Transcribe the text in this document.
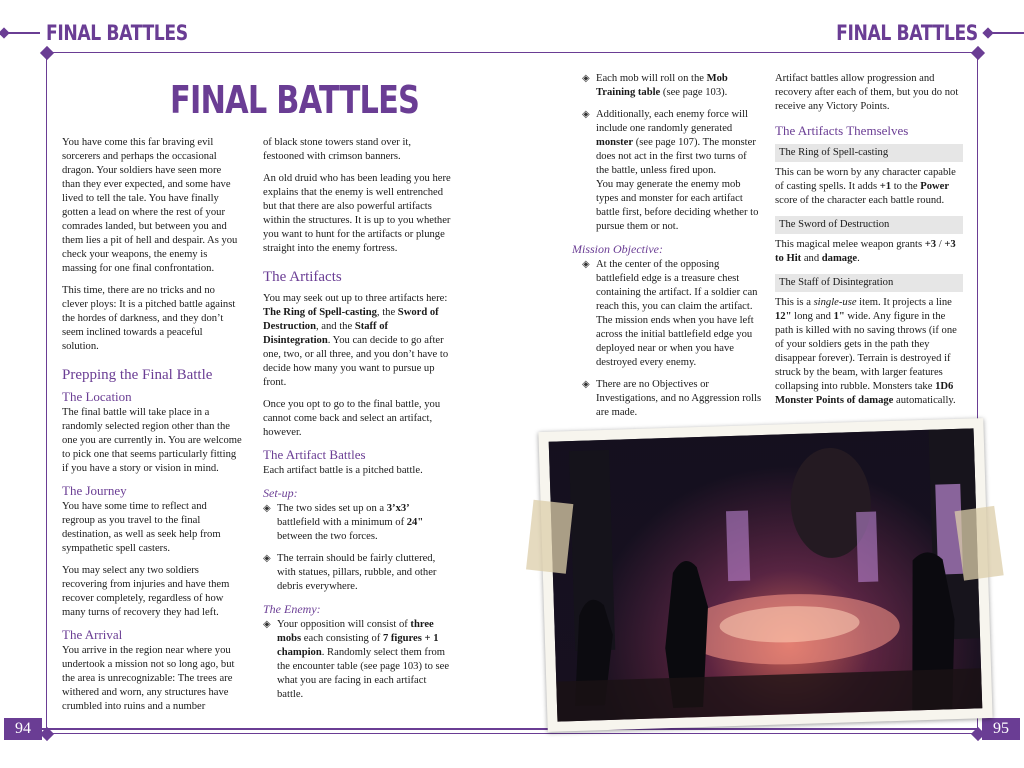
FINAL BATTLES	FINAL BATTLES
94	95
FINAL BATTLES

You have come this far braving evil sorcerers and perhaps the occasional dragon. Your soldiers have seen more than they ever expected, and some have lived to tell the tale. You have finally gotten a lead on where the rest of your comrades landed, but between you and them lies a pit of hell and despair. As you check your weapons, the enemy is massing for one final confrontation.

This time, there are no tricks and no clever ploys: It is a pitched battle against the hordes of darkness, and they don’t seem inclined towards a peaceful solution.

Prepping the Final Battle
The Location

The final battle will take place in a randomly selected region other than the one you are currently in. You are welcome to pick one that seems particularly fitting if you have a story or vision in mind.

The Journey

You have some time to reflect and regroup as you travel to the final destination, as well as seek help from sympathetic spell casters.

You may select any two soldiers recovering from injuries and have them recover completely, regardless of how many turns of recovery they had left.

The Arrival

You arrive in the region near where you undertook a mission not so long ago, but the area is unrecognizable: The trees are withered and worn, any structures have crumbled into ruins and a number

of black stone towers stand over it, festooned with crimson banners.

An old druid who has been leading you here explains that the enemy is well entrenched but that there are also powerful artifacts within the structures. It is up to you whether you want to hunt for the artifacts or plunge straight into the enemy fortress.

The Artifacts

You may seek out up to three artifacts here: The Ring of Spell-casting, the Sword of Destruction, and the Staff of Disintegration. You can decide to go after one, two, or all three, and you don’t have to decide how many you want to pursue up front.

Once you opt to go to the final battle, you cannot come back and select an artifact, however.

The Artifact Battles

Each artifact battle is a pitched battle.

Set-up:
◈ The two sides set up on a 3’x3’ battlefield with a minimum of 24" between the two forces.
◈ The terrain should be fairly cluttered, with statues, pillars, rubble, and other debris everywhere.
The Enemy:
◈ Your opposition will consist of three mobs each consisting of 7 figures + 1 champion. Randomly select them from the encounter table (see page 103) to see what you are facing in each artifact battle.
◈ Each mob will roll on the Mob Training table (see page 103).
◈ Additionally, each enemy force will include one randomly generated monster (see page 107). The monster does not act in the first two turns of the battle, unless fired upon.
You may generate the enemy mob types and monster for each artifact battle first, before deciding whether to pursue them or not.
Mission Objective:
◈ At the center of the opposing battlefield edge is a treasure chest containing the artifact. If a soldier can reach this, you can claim the artifact. The mission ends when you have left across the initial battlefield edge you deployed near or when you have destroyed every enemy.
◈ There are no Objectives or Investigations, and no Aggression rolls are made.

Artifact battles allow progression and recovery after each of them, but you do not receive any Victory Points.

The Artifacts Themselves
The Ring of Spell-casting

This can be worn by any character capable of casting spells. It adds +1 to the Power score of the character each battle round.

The Sword of Destruction

This magical melee weapon grants +3 / +3 to Hit and damage.

The Staff of Disintegration

This is a single-use item. It projects a line 12" long and 1" wide. Any figure in the path is killed with no saving throws (if one of your soldiers gets in the path they disappear forever). Terrain is destroyed if struck by the beam, with larger features collapsing into rubble. Monsters take 1D6 Monster Points of damage automatically.
